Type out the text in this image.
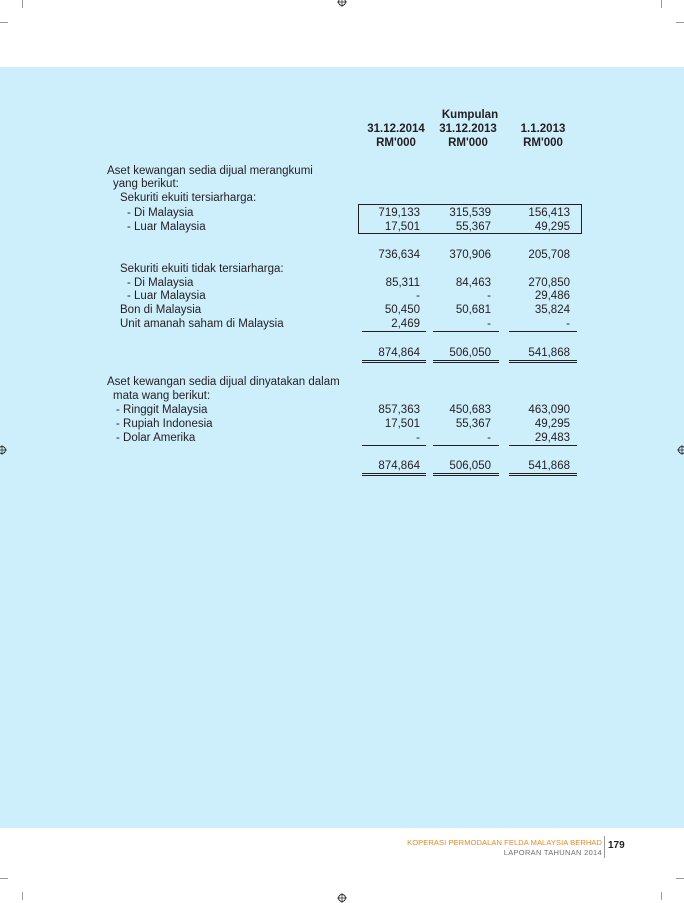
Kumpulan
31.12.2014	31.12.2013	1.1.2013
RM'000	RM'000	RM'000
Aset kewangan sedia dijual merangkumi
yang berikut:
Sekuriti ekuiti tersiarharga:
- Di Malaysia	719,133	315,539	156,413
- Luar Malaysia	17,501	55,367	49,295
736,634	370,906	205,708
Sekuriti ekuiti tidak tersiarharga:
- Di Malaysia	85,311	84,463	270,850
- Luar Malaysia	-	-	29,486
Bon di Malaysia	50,450	50,681	35,824
Unit amanah saham di Malaysia	2,469	-	-
874,864	506,050	541,868
Aset kewangan sedia dijual dinyatakan dalam
mata wang berikut:
- Ringgit Malaysia	857,363	450,683	463,090
- Rupiah Indonesia	17,501	55,367	49,295
- Dolar Amerika	-	-	29,483
874,864	506,050	541,868
KOPERASI PERMODALAN FELDA MALAYSIA BERHAD
LAPORAN TAHUNAN 2014
179
